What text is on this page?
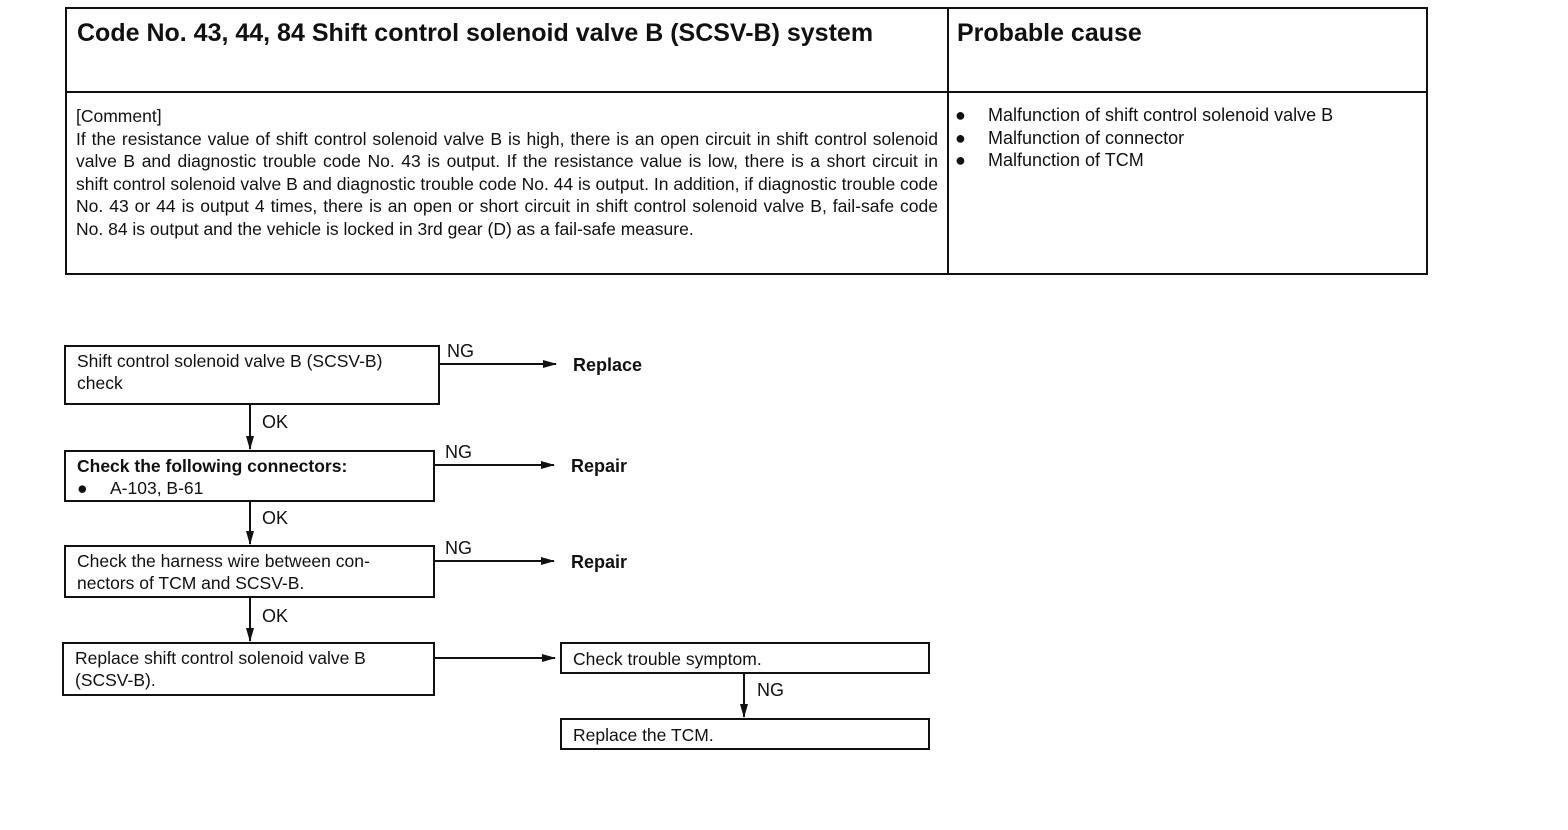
Code No. 43, 44, 84 Shift control solenoid valve B (SCSV-B) system	Probable cause

[Comment]

If the resistance value of shift control solenoid valve B is high, there is an open circuit in shift control solenoid valve B and diagnostic trouble code No. 43 is output. If the resistance value is low, there is a short circuit in shift control solenoid valve B and diagnostic trouble code No. 44 is output. In addition, if diagnostic trouble code No. 43 or 44 is output 4 times, there is an open or short circuit in shift control solenoid valve B, fail-safe code No. 84 is output and the vehicle is locked in 3rd gear (D) as a fail-safe measure.

●	Malfunction of shift control solenoid valve B
●	Malfunction of connector
●	Malfunction of TCM
Shift control solenoid valve B (SCSV-B)
check
NG
Replace
OK
Check the following connectors:
●	A-103, B-61
NG
Repair
OK
Check the harness wire between con-
nectors of TCM and SCSV-B.
NG
Repair
OK
Replace shift control solenoid valve B
(SCSV-B).
Check trouble symptom.
NG
Replace the TCM.
